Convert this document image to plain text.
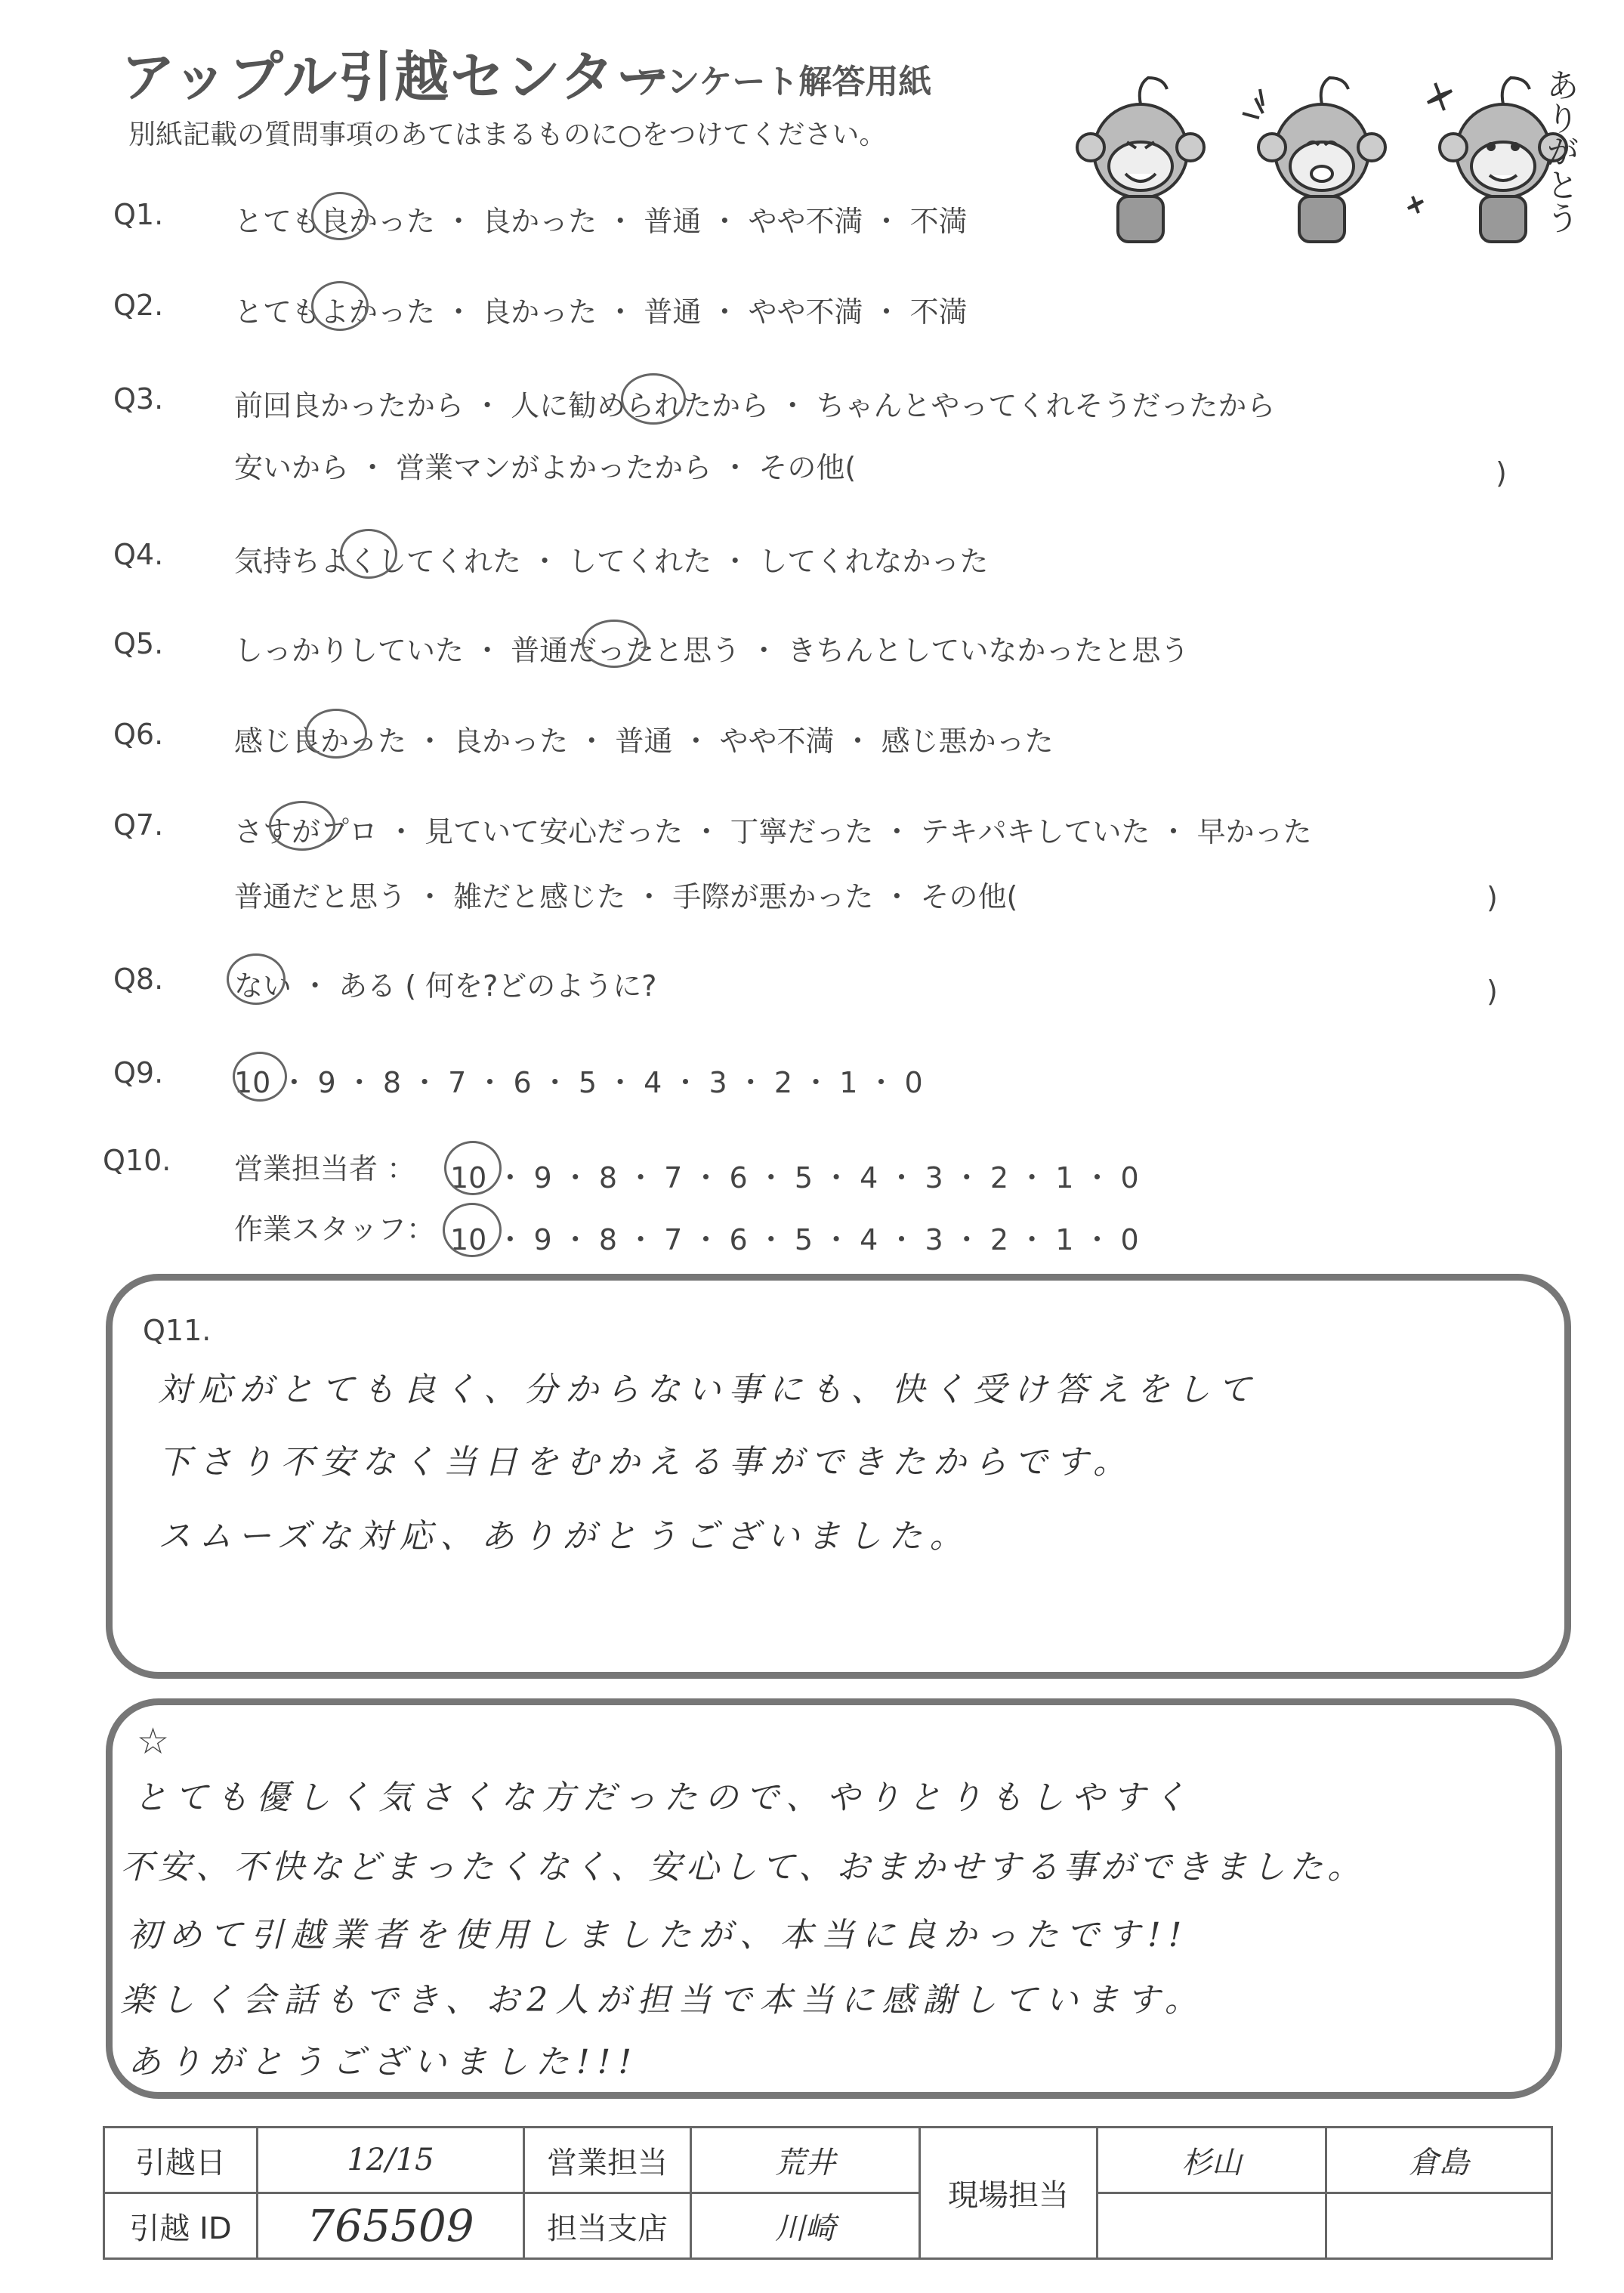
アップル引越センター
アンケート解答用紙
別紙記載の質問事項のあてはまるものに○をつけてください。	ありがとう
Q1. とても良かった ・ 良かった ・ 普通 ・ やや不満 ・ 不満
Q2. とてもよかった ・ 良かった ・ 普通 ・ やや不満 ・ 不満
Q3. 前回良かったから ・ 人に勧められたから ・ ちゃんとやってくれそうだったから
安いから ・ 営業マンがよかったから ・ その他(	)
Q4. 気持ちよくしてくれた ・ してくれた ・ してくれなかった
Q5. しっかりしていた ・ 普通だったと思う ・ きちんとしていなかったと思う
Q6. 感じ良かった ・ 良かった ・ 普通 ・ やや不満 ・ 感じ悪かった
Q7. さすがプロ ・ 見ていて安心だった ・ 丁寧だった ・ テキパキしていた ・ 早かった
普通だと思う ・ 雑だと感じた ・ 手際が悪かった ・ その他(	)
Q8. ない ・ ある ( 何を?どのように?	)
Q9. 10 ・ 9 ・ 8 ・ 7 ・ 6 ・ 5 ・ 4 ・ 3 ・ 2 ・ 1 ・ 0
Q10. 営業担当者 ： 10 ・ 9 ・ 8 ・ 7 ・ 6 ・ 5 ・ 4 ・ 3 ・ 2 ・ 1 ・ 0
作業スタッフ： 10 ・ 9 ・ 8 ・ 7 ・ 6 ・ 5 ・ 4 ・ 3 ・ 2 ・ 1 ・ 0
Q11.
対応がとても良く、分からない事にも、快く受け答えをして
下さり不安なく当日をむかえる事ができたからです。
スムーズな対応、ありがとうございました。
☆
とても優しく気さくな方だったので、やりとりもしやすく
不安、不快などまったくなく、安心して、おまかせする事ができました。
初めて引越業者を使用しましたが、本当に良かったです!!
楽しく会話もでき、お2人が担当で本当に感謝しています。
ありがとうございました!!!
引越日	12/15	営業担当	荒井	現場担当	杉山	倉島
引越 ID	765509	担当支店	川崎			
